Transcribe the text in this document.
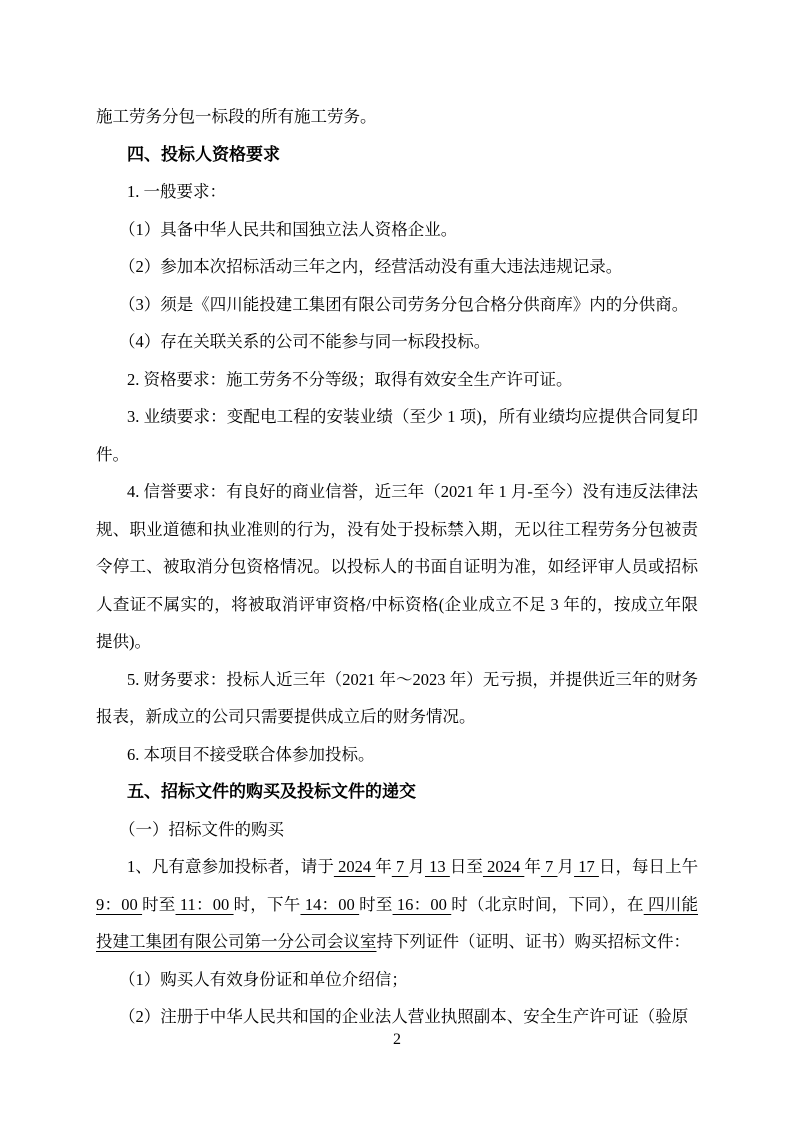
施工劳务分包一标段的所有施工劳务。

四、投标人资格要求

1. 一般要求：

（1）具备中华人民共和国独立法人资格企业。

（2）参加本次招标活动三年之内，经营活动没有重大违法违规记录。

（3）须是《四川能投建工集团有限公司劳务分包合格分供商库》内的分供商。

（4）存在关联关系的公司不能参与同一标段投标。

2. 资格要求：施工劳务不分等级；取得有效安全生产许可证。

3. 业绩要求：变配电工程的安装业绩（至少 1 项)，所有业绩均应提供合同复印件。

4. 信誉要求：有良好的商业信誉，近三年（2021 年 1 月-至今）没有违反法律法规、职业道德和执业准则的行为，没有处于投标禁入期，无以往工程劳务分包被责令停工、被取消分包资格情况。以投标人的书面自证明为准，如经评审人员或招标人查证不属实的，将被取消评审资格/中标资格(企业成立不足 3 年的，按成立年限提供)。

5. 财务要求：投标人近三年（2021 年～2023 年）无亏损，并提供近三年的财务报表，新成立的公司只需要提供成立后的财务情况。

6. 本项目不接受联合体参加投标。

五、招标文件的购买及投标文件的递交

（一）招标文件的购买

1、凡有意参加投标者，请于 2024 年 7 月 13 日至 2024 年 7 月 17 日，每日上午9：00 时至 11：00 时，下午 14：00 时至 16：00 时（北京时间，下同），在 四川能投建工集团有限公司第一分公司会议室持下列证件（证明、证书）购买招标文件：

（1）购买人有效身份证和单位介绍信；

（2）注册于中华人民共和国的企业法人营业执照副本、安全生产许可证（验原

2
